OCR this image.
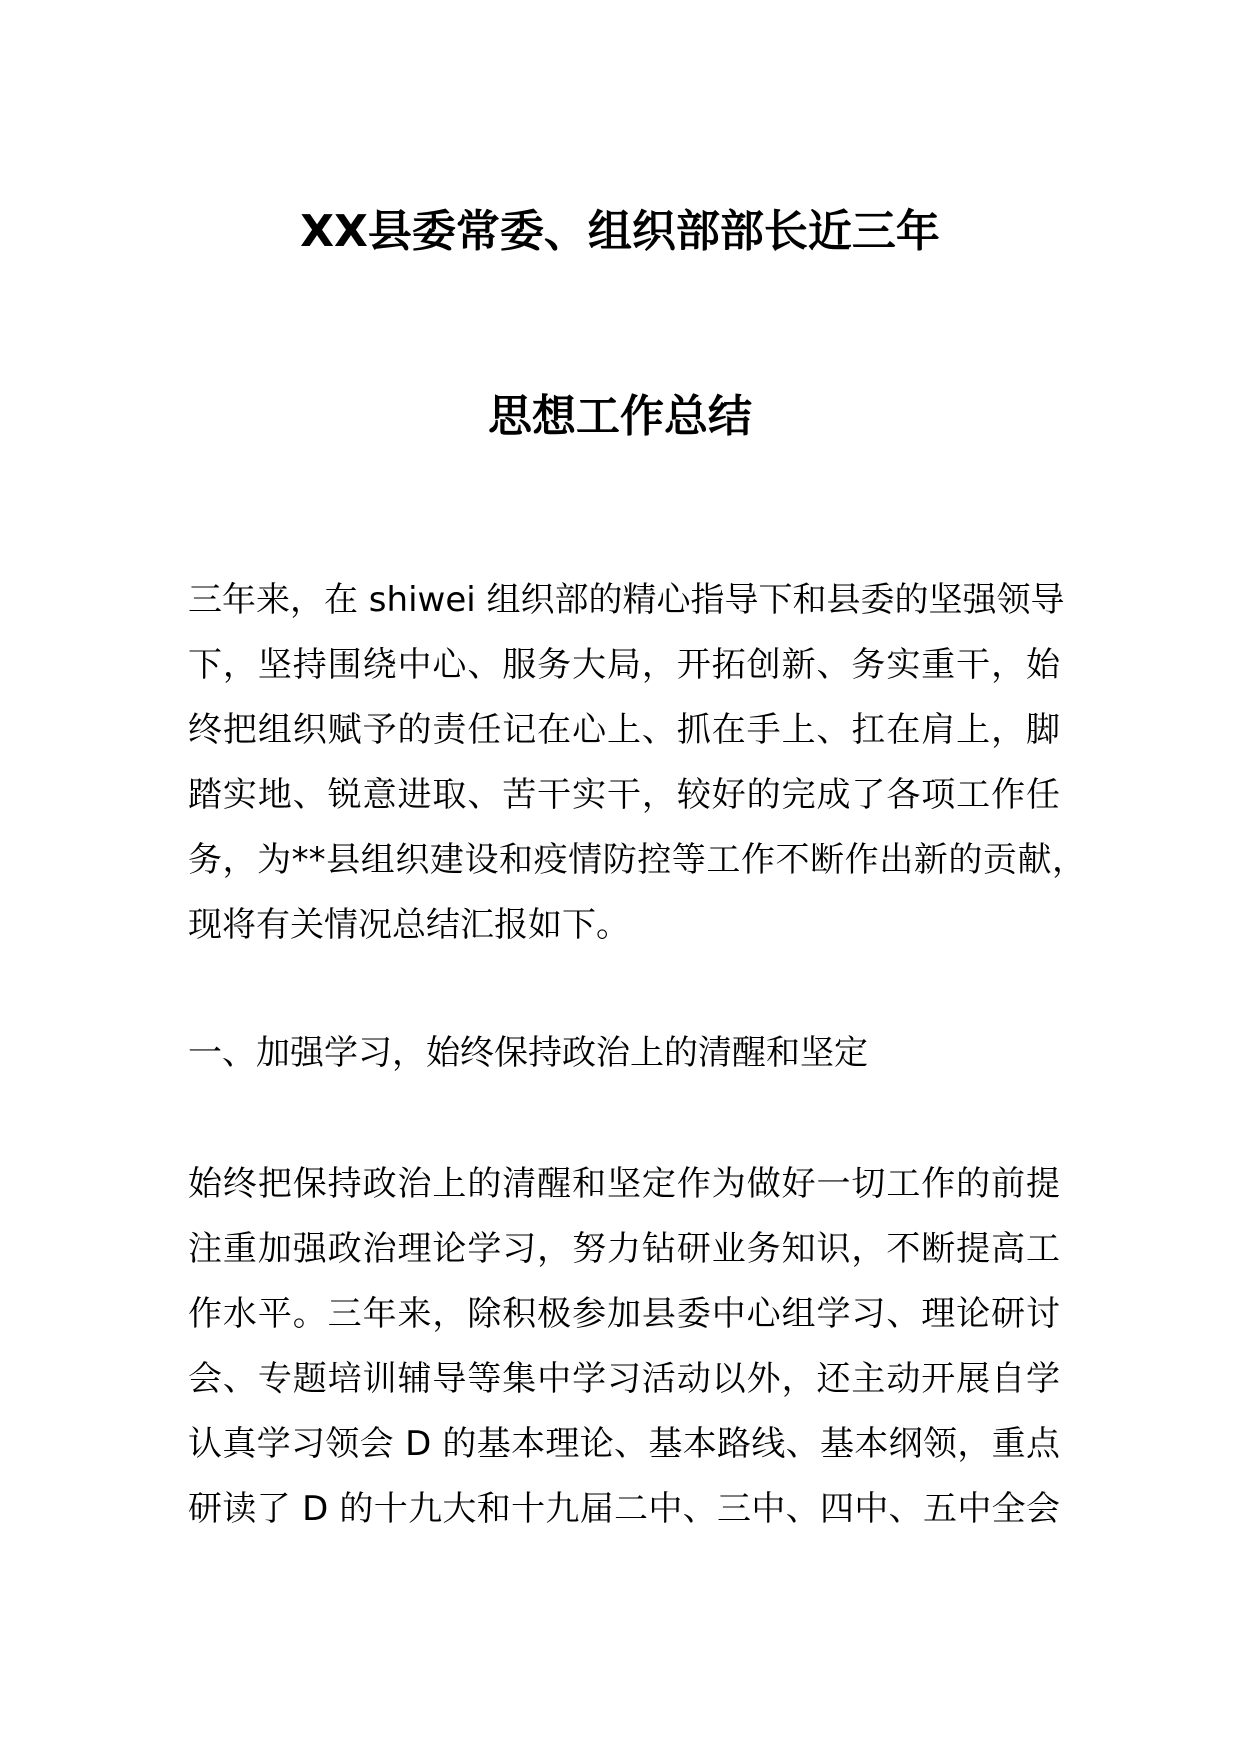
XX县委常委、组织部部长近三年
思想工作总结
三年来，在 shiwei 组织部的精心指导下和县委的坚强领导
下，坚持围绕中心、服务大局，开拓创新、务实重干，始
终把组织赋予的责任记在心上、抓在手上、扛在肩上，脚
踏实地、锐意进取、苦干实干，较好的完成了各项工作任
务，为**县组织建设和疫情防控等工作不断作出新的贡献，
现将有关情况总结汇报如下。
一、加强学习，始终保持政治上的清醒和坚定
始终把保持政治上的清醒和坚定作为做好一切工作的前提
注重加强政治理论学习，努力钻研业务知识，不断提高工
作水平。三年来，除积极参加县委中心组学习、理论研讨
会、专题培训辅导等集中学习活动以外，还主动开展自学
认真学习领会 D 的基本理论、基本路线、基本纲领，重点
研读了 D 的十九大和十九届二中、三中、四中、五中全会
